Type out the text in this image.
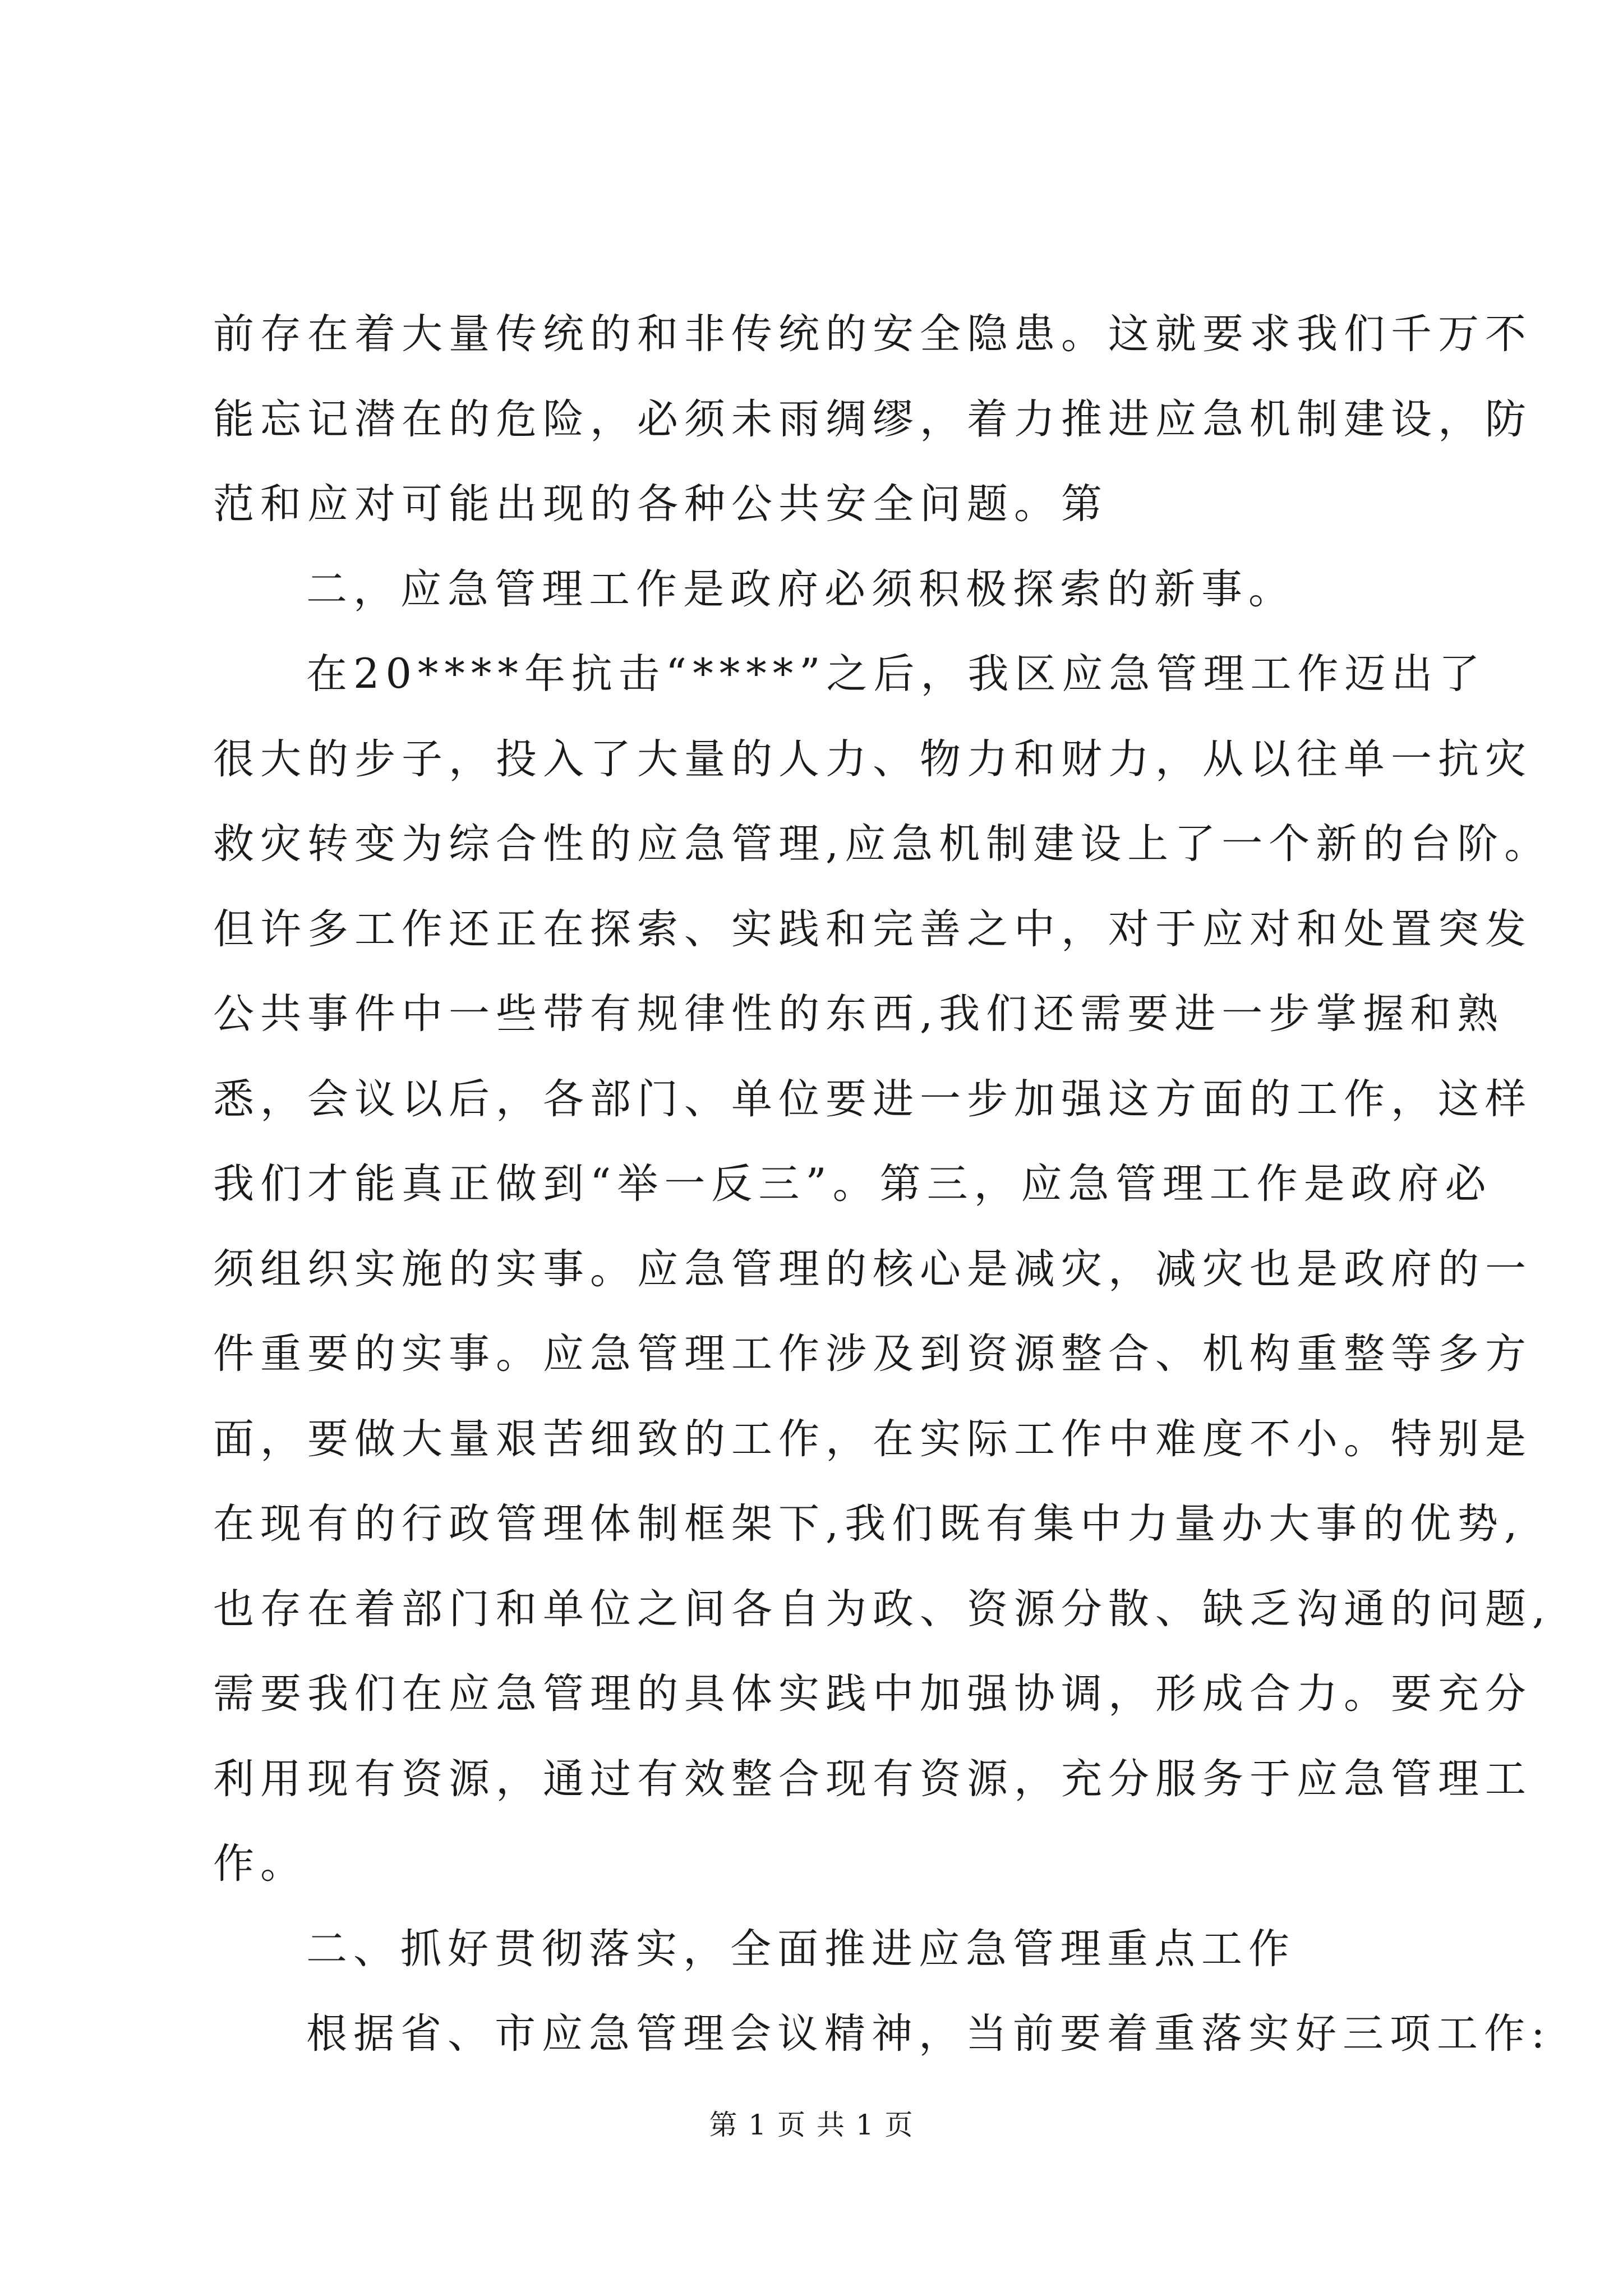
前存在着大量传统的和非传统的安全隐患。这就要求我们千万不
能忘记潜在的危险，必须未雨绸缪，着力推进应急机制建设，防
范和应对可能出现的各种公共安全问题。第
二，应急管理工作是政府必须积极探索的新事。
在20****年抗击“****”之后，我区应急管理工作迈出了
很大的步子，投入了大量的人力、物力和财力，从以往单一抗灾
救灾转变为综合性的应急管理,应急机制建设上了一个新的台阶。
但许多工作还正在探索、实践和完善之中，对于应对和处置突发
公共事件中一些带有规律性的东西,我们还需要进一步掌握和熟
悉，会议以后，各部门、单位要进一步加强这方面的工作，这样
我们才能真正做到“举一反三”。第三，应急管理工作是政府必
须组织实施的实事。应急管理的核心是减灾，减灾也是政府的一
件重要的实事。应急管理工作涉及到资源整合、机构重整等多方
面，要做大量艰苦细致的工作，在实际工作中难度不小。特别是
在现有的行政管理体制框架下,我们既有集中力量办大事的优势,
也存在着部门和单位之间各自为政、资源分散、缺乏沟通的问题,
需要我们在应急管理的具体实践中加强协调，形成合力。要充分
利用现有资源，通过有效整合现有资源，充分服务于应急管理工
作。
二、抓好贯彻落实，全面推进应急管理重点工作
根据省、市应急管理会议精神，当前要着重落实好三项工作:
第 1 页 共 1 页
